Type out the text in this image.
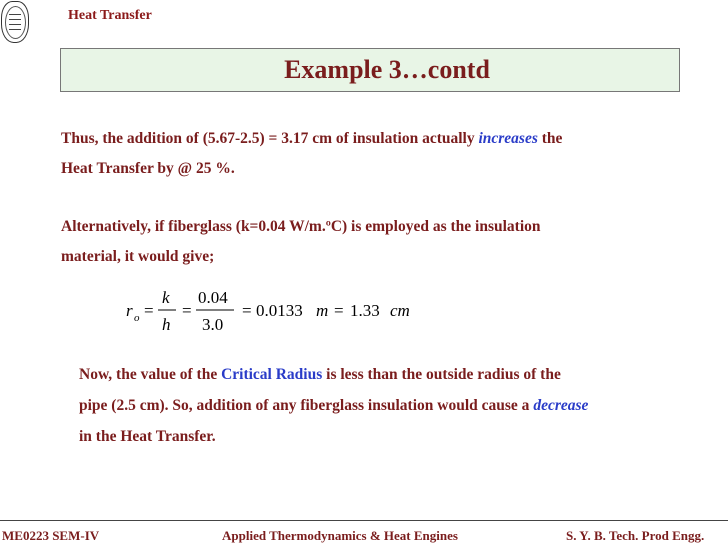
Heat Transfer
Example 3…contd
Thus, the addition of (5.67-2.5) = 3.17 cm of insulation actually increases the
Heat Transfer by @ 25 %.
Alternatively, if fiberglass (k=0.04 W/m.ºC) is employed as the insulation
material, it would give;
r o =
k
h
=
0.04
3.0
= 0.0133 m = 1.33 cm
Now, the value of the Critical Radius is less than the outside radius of the
pipe (2.5 cm). So, addition of any fiberglass insulation would cause a decrease
in the Heat Transfer.
ME0223 SEM-IV	Applied Thermodynamics & Heat Engines	S. Y. B. Tech. Prod Engg.
